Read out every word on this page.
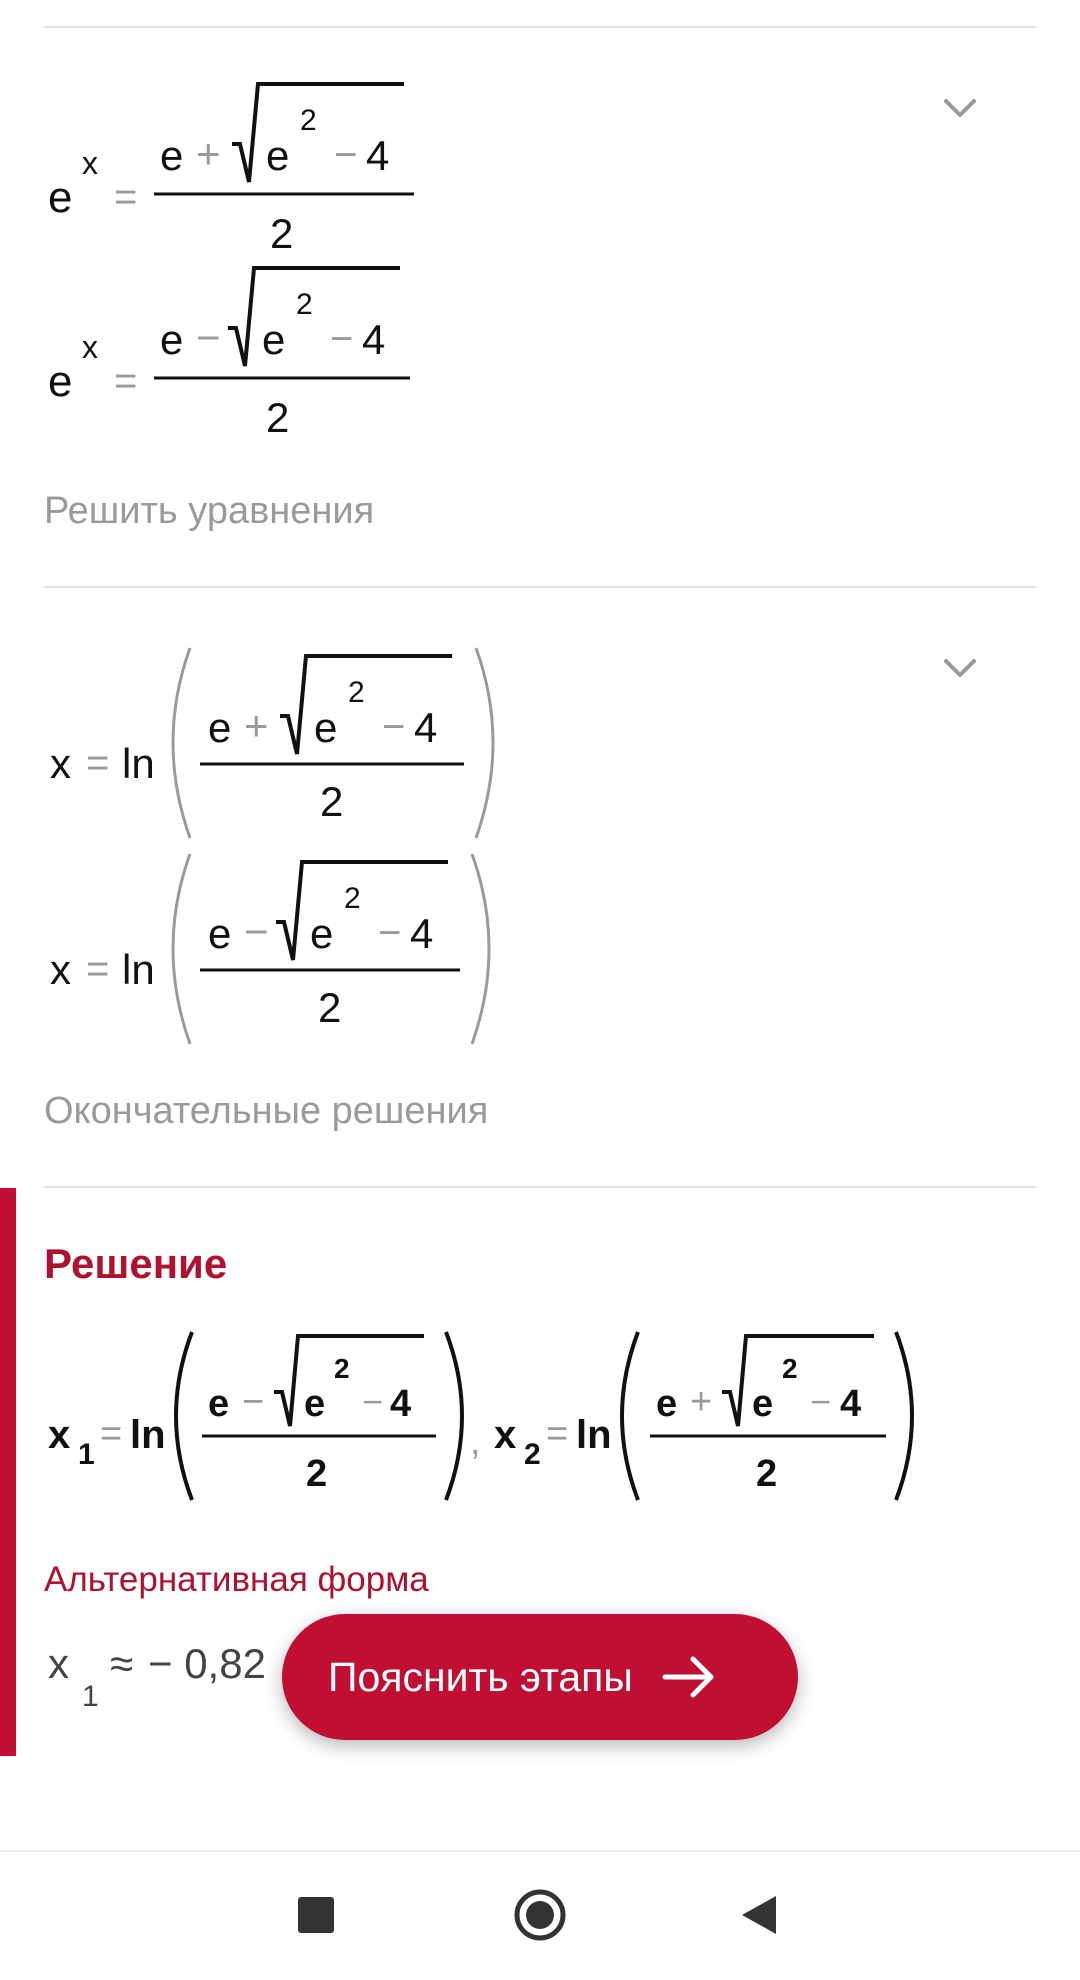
e
x
=
e + e
2
− 4
2
e
x
=
e − e
2
− 4
2
Решить уравнения
x = ln
e + e
2
− 4
2
x = ln
e − e
2
− 4
2
Окончательные решения
Решение
x 1 = ln
e − e
2
− 4
2
, x 2 = ln
e + e
2
− 4
2
Альтернативная форма
x
1
≈ − 0,82 Пояснить этапы
